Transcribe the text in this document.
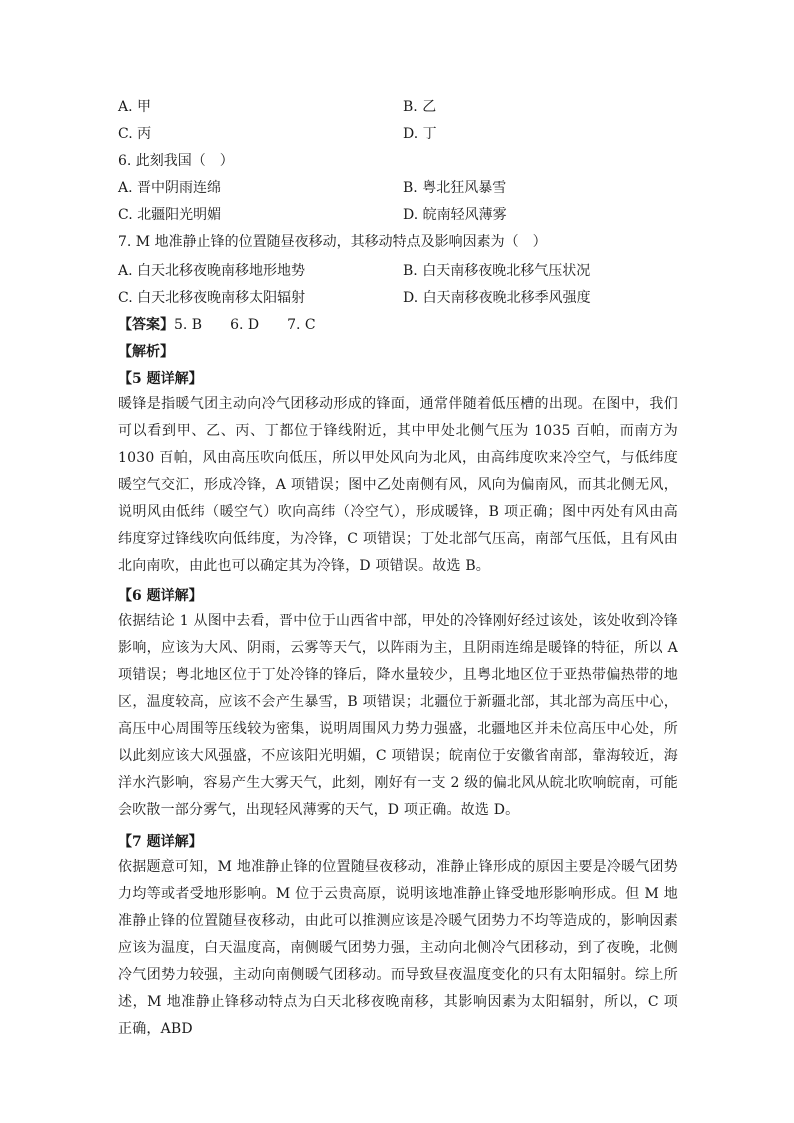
A. 甲	B. 乙
C. 丙	D. 丁
6. 此刻我国（　）
A. 晋中阴雨连绵	B. 粤北狂风暴雪
C. 北疆阳光明媚	D. 皖南轻风薄雾
7. M 地准静止锋的位置随昼夜移动，其移动特点及影响因素为（　）
A. 白天北移夜晚南移地形地势	B. 白天南移夜晚北移气压状况
C. 白天北移夜晚南移太阳辐射	D. 白天南移夜晚北移季风强度
【答案】5. B　　6. D　　7. C
【解析】
【5 题详解】
暖锋是指暖气团主动向冷气团移动形成的锋面，通常伴随着低压槽的出现。在图中，我们可以看到甲、乙、丙、丁都位于锋线附近，其中甲处北侧气压为 1035 百帕，而南方为 1030 百帕，风由高压吹向低压，所以甲处风向为北风，由高纬度吹来冷空气，与低纬度暖空气交汇，形成冷锋，A 项错误；图中乙处南侧有风，风向为偏南风，而其北侧无风，说明风由低纬（暖空气）吹向高纬（冷空气），形成暖锋，B 项正确；图中丙处有风由高纬度穿过锋线吹向低纬度，为冷锋，C 项错误；丁处北部气压高，南部气压低，且有风由北向南吹，由此也可以确定其为冷锋，D 项错误。故选 B。
【6 题详解】
依据结论 1 从图中去看，晋中位于山西省中部，甲处的冷锋刚好经过该处，该处收到冷锋影响，应该为大风、阴雨，云雾等天气，以阵雨为主，且阴雨连绵是暖锋的特征，所以 A 项错误；粤北地区位于丁处冷锋的锋后，降水量较少，且粤北地区位于亚热带偏热带的地区，温度较高，应该不会产生暴雪，B 项错误；北疆位于新疆北部，其北部为高压中心，高压中心周围等压线较为密集，说明周围风力势力强盛，北疆地区并未位高压中心处，所以此刻应该大风强盛，不应该阳光明媚，C 项错误；皖南位于安徽省南部，靠海较近，海洋水汽影响，容易产生大雾天气，此刻，刚好有一支 2 级的偏北风从皖北吹响皖南，可能会吹散一部分雾气，出现轻风薄雾的天气，D 项正确。故选 D。
【7 题详解】
依据题意可知，M 地准静止锋的位置随昼夜移动，准静止锋形成的原因主要是冷暖气团势力均等或者受地形影响。M 位于云贵高原，说明该地准静止锋受地形影响形成。但 M 地准静止锋的位置随昼夜移动，由此可以推测应该是冷暖气团势力不均等造成的，影响因素应该为温度，白天温度高，南侧暖气团势力强，主动向北侧冷气团移动，到了夜晚，北侧冷气团势力较强，主动向南侧暖气团移动。而导致昼夜温度变化的只有太阳辐射。综上所述，M 地准静止锋移动特点为白天北移夜晚南移，其影响因素为太阳辐射，所以，C 项正确，ABD
